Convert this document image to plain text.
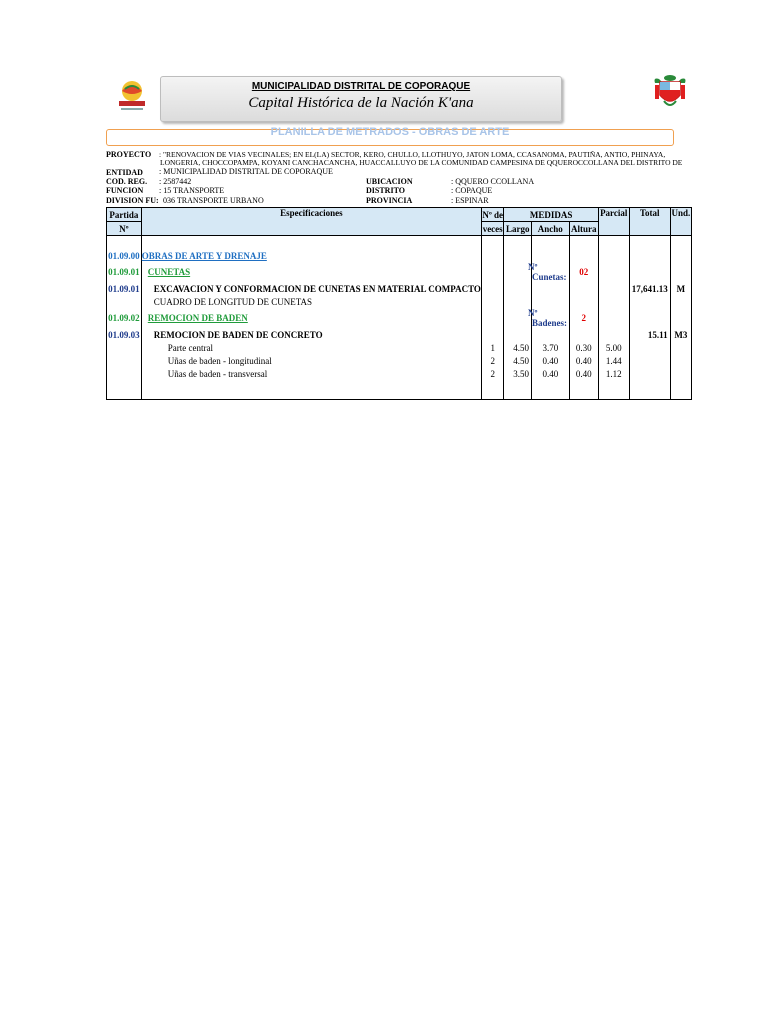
MUNICIPALIDAD DISTRITAL DE COPORAQUE
Capital Histórica de la Nación K'ana
PLANILLA DE METRADOS - OBRAS DE ARTE
PROYECTO : "RENOVACION DE VIAS VECINALES; EN EL(LA) SECTOR, KERO, CHULLO, LLOTHUYO, JATON LOMA, CCASANOMA, PAUTIÑA, ANTIO, PHINAYA,
LONGERIA, CHOCCOPAMPA, KOYANI CANCHACANCHA, HUACCALLUYO DE LA COMUNIDAD CAMPESINA DE QQUEROCCOLLANA DEL DISTRITO DE
ENTIDAD : MUNICIPALIDAD DISTRITAL DE COPORAQUE
COD. REG. : 2587442	UBICACION	: QQUERO CCOLLANA
FUNCION : 15 TRANSPORTE	DISTRITO	: COPAQUE
DIVISION FU: 036 TRANSPORTE URBANO	PROVINCIA	: ESPINAR
Partida	Especificaciones	Nº de	MEDIDAS			Parcial	Total	Und.
Nº		veces	Largo	Ancho	Altura			

01.09.00	OBRAS DE ARTE Y DRENAJE							
01.09.01	CUNETAS			Nº Cunetas:	02			
01.09.01	EXCAVACION Y CONFORMACION DE CUNETAS EN MATERIAL COMPACTO						17,641.13	M
	CUADRO DE LONGITUD DE CUNETAS							
01.09.02	REMOCION DE BADEN			Nº Badenes:	2			
01.09.03	REMOCION DE BADEN DE CONCRETO						15.11	M3
	Parte central	1	4.50	3.70	0.30	5.00		
	Uñas de baden - longitudinal	2	4.50	0.40	0.40	1.44		
	Uñas de baden - transversal	2	3.50	0.40	0.40	1.12		
